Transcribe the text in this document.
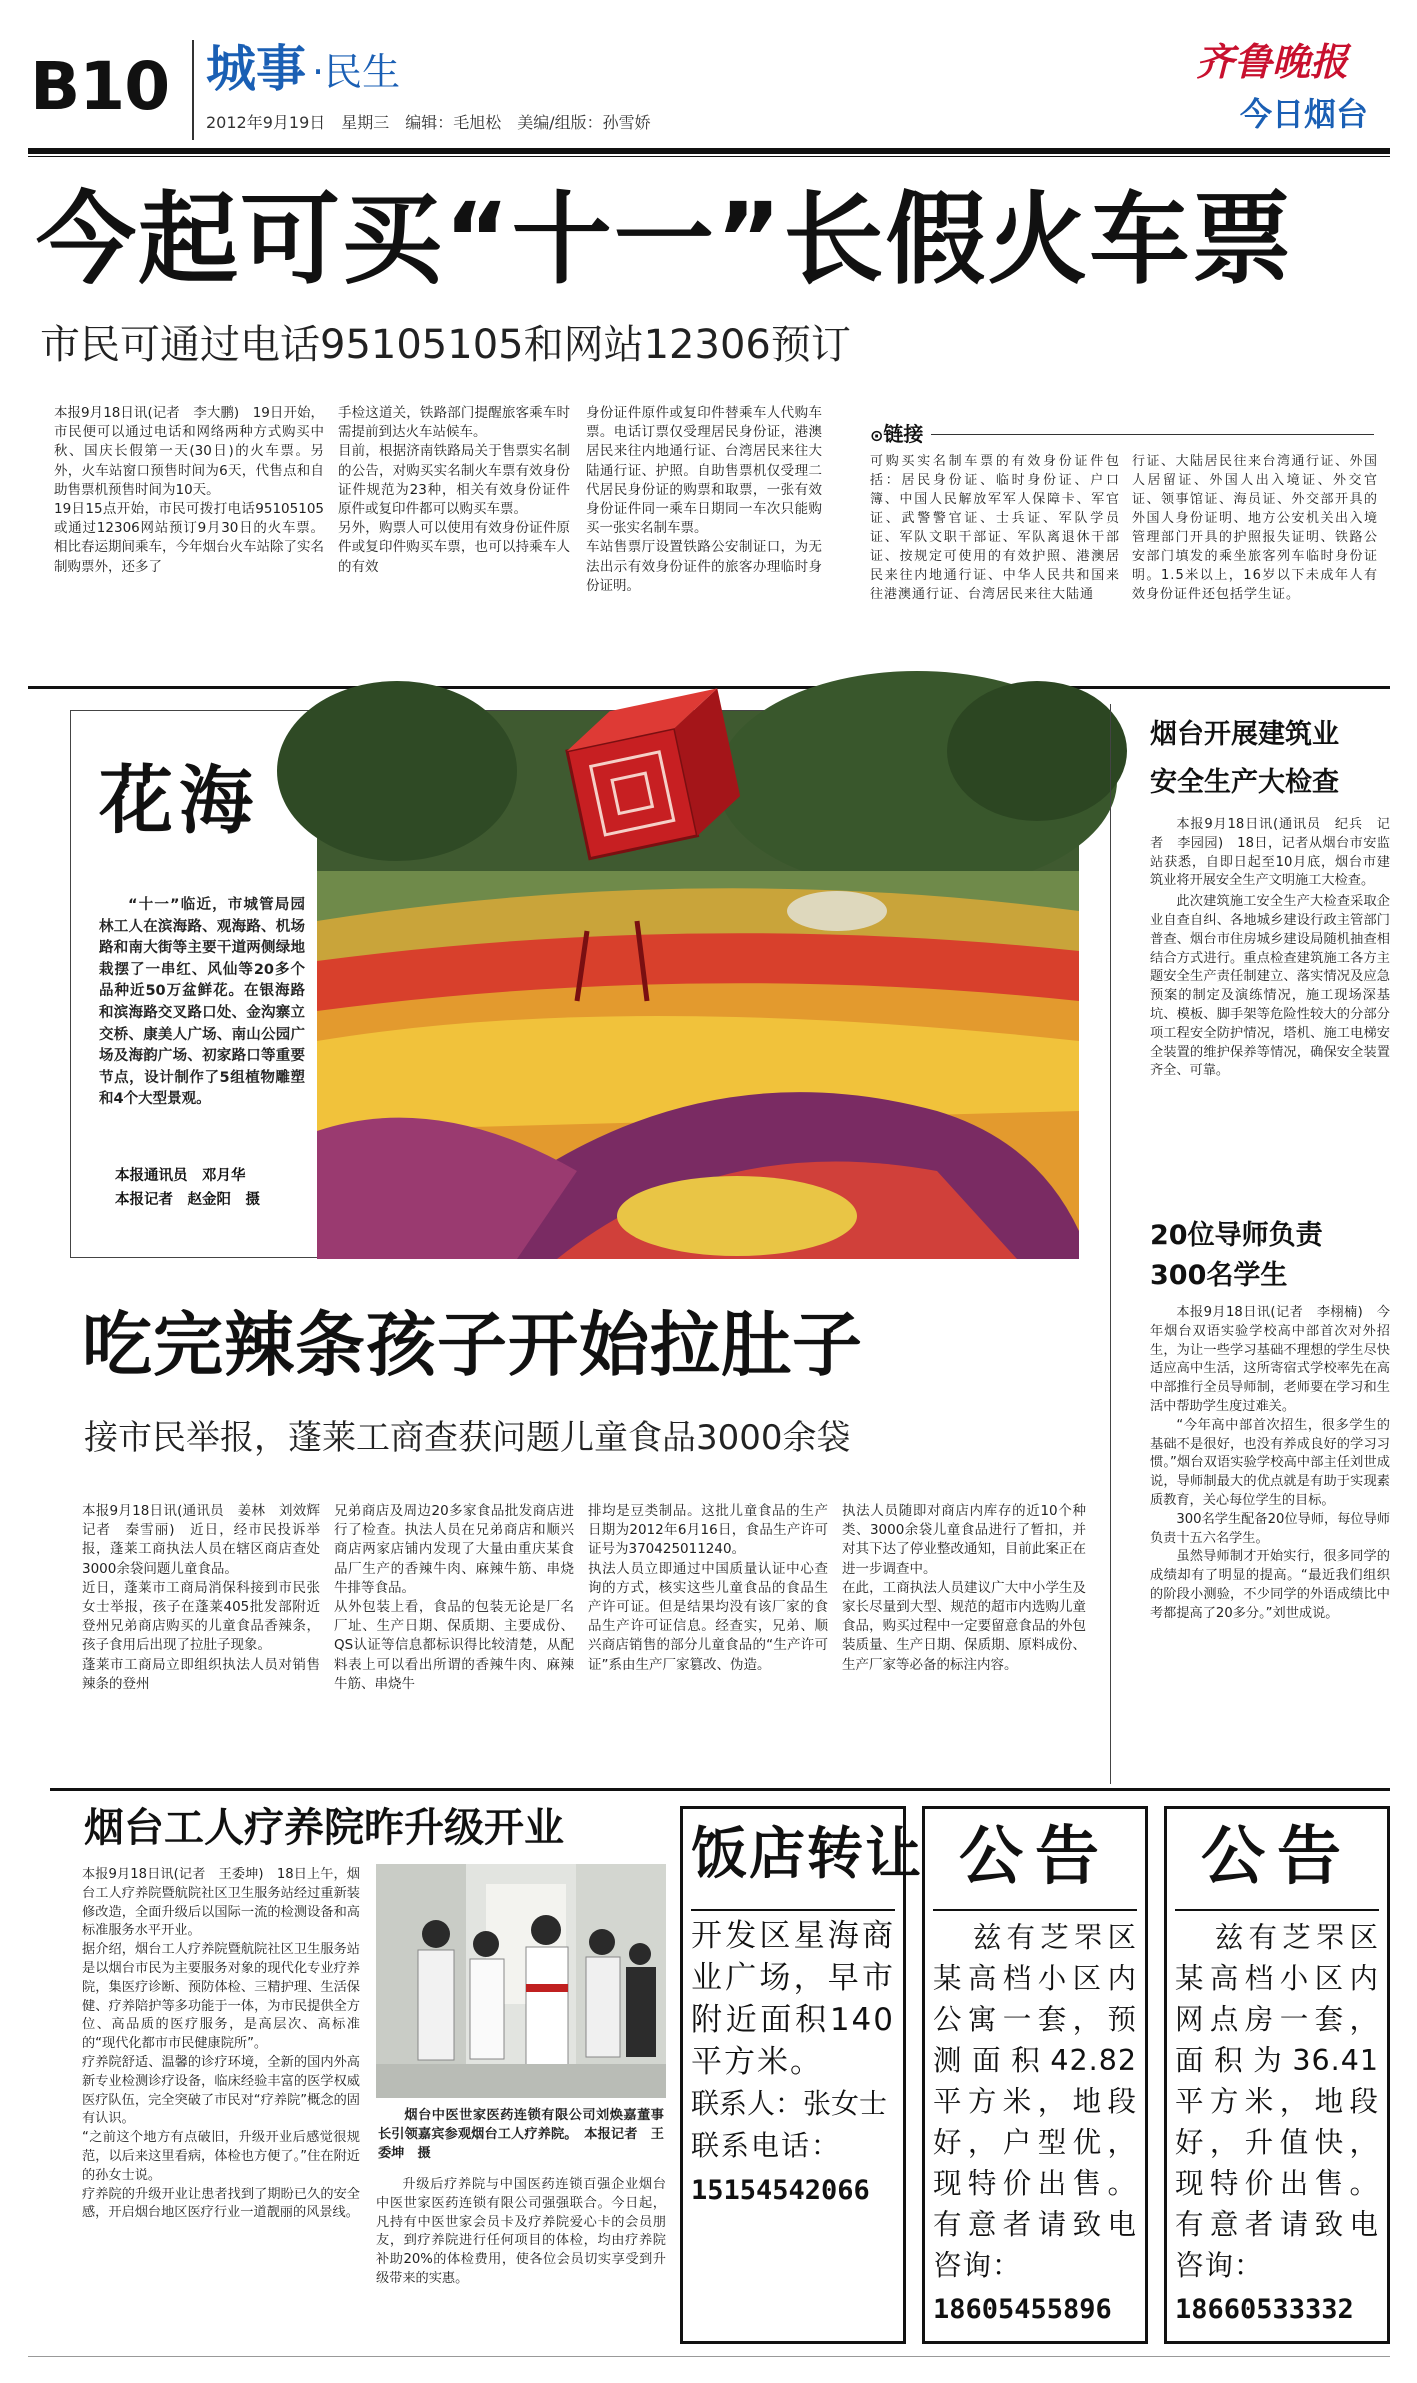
B10 城事 ·民生
2012年9月19日　星期三　编辑：毛旭松　美编/组版：孙雪娇
齐鲁晚报
今日烟台
今起可买“十一”长假火车票
市民可通过电话95105105和网站12306预订
本报9月18日讯(记者　李大鹏)　19日开始，市民便可以通过电话和网络两种方式购买中秋、国庆长假第一天(30日)的火车票。另外，火车站窗口预售时间为6天，代售点和自助售票机预售时间为10天。
19日15点开始，市民可拨打电话95105105或通过12306网站预订9月30日的火车票。相比春运期间乘车，今年烟台火车站除了实名制购票外，还多了
手检这道关，铁路部门提醒旅客乘车时需提前到达火车站候车。
目前，根据济南铁路局关于售票实名制的公告，对购买实名制火车票有效身份证件规范为23种，相关有效身份证件原件或复印件都可以购买车票。
另外，购票人可以使用有效身份证件原件或复印件购买车票，也可以持乘车人的有效
身份证件原件或复印件替乘车人代购车票。电话订票仅受理居民身份证，港澳居民来往内地通行证、台湾居民来往大陆通行证、护照。自助售票机仅受理二代居民身份证的购票和取票，一张有效身份证件同一乘车日期同一车次只能购买一张实名制车票。
车站售票厅设置铁路公安制证口，为无法出示有效身份证件的旅客办理临时身份证明。
⊙链接
可购买实名制车票的有效身份证件包括：居民身份证、临时身份证、户口簿、中国人民解放军军人保障卡、军官证、武警警官证、士兵证、军队学员证、军队文职干部证、军队离退休干部证、按规定可使用的有效护照、港澳居民来往内地通行证、中华人民共和国来往港澳通行证、台湾居民来往大陆通
行证、大陆居民往来台湾通行证、外国人居留证、外国人出入境证、外交官证、领事馆证、海员证、外交部开具的外国人身份证明、地方公安机关出入境管理部门开具的护照报失证明、铁路公安部门填发的乘坐旅客列车临时身份证明。1.5米以上，16岁以下未成年人有效身份证件还包括学生证。
花海
“十一”临近，市城管局园林工人在滨海路、观海路、机场路和南大街等主要干道两侧绿地栽摆了一串红、风仙等20多个品种近50万盆鲜花。在银海路和滨海路交叉路口处、金沟寨立交桥、康美人广场、南山公园广场及海韵广场、初家路口等重要节点，设计制作了5组植物雕塑和4个大型景观。
本报通讯员　邓月华
本报记者　赵金阳　摄
烟台开展建筑业
安全生产大检查
本报9月18日讯(通讯员　纪兵　记者　李园园)　18日，记者从烟台市安监站获悉，自即日起至10月底，烟台市建筑业将开展安全生产文明施工大检查。
此次建筑施工安全生产大检查采取企业自查自纠、各地城乡建设行政主管部门普查、烟台市住房城乡建设局随机抽查相结合方式进行。重点检查建筑施工各方主题安全生产责任制建立、落实情况及应急预案的制定及演练情况，施工现场深基坑、模板、脚手架等危险性较大的分部分项工程安全防护情况，塔机、施工电梯安全装置的维护保养等情况，确保安全装置齐全、可靠。
20位导师负责
300名学生
本报9月18日讯(记者　李栩楠)　今年烟台双语实验学校高中部首次对外招生，为让一些学习基础不理想的学生尽快适应高中生活，这所寄宿式学校率先在高中部推行全员导师制，老师要在学习和生活中帮助学生度过难关。
“今年高中部首次招生，很多学生的基础不是很好，也没有养成良好的学习习惯。”烟台双语实验学校高中部主任刘世成说，导师制最大的优点就是有助于实现素质教育，关心每位学生的目标。
300名学生配备20位导师，每位导师负责十五六名学生。
虽然导师制才开始实行，很多同学的成绩却有了明显的提高。“最近我们组织的阶段小测验，不少同学的外语成绩比中考都提高了20多分。”刘世成说。
吃完辣条孩子开始拉肚子
接市民举报，蓬莱工商查获问题儿童食品3000余袋
本报9月18日讯(通讯员　姜林　刘效辉　记者　秦雪丽)　近日，经市民投诉举报，蓬莱工商执法人员在辖区商店查处3000余袋问题儿童食品。
近日，蓬莱市工商局消保科接到市民张女士举报，孩子在蓬莱405批发部附近登州兄弟商店购买的儿童食品香辣条，孩子食用后出现了拉肚子现象。
蓬莱市工商局立即组织执法人员对销售辣条的登州
兄弟商店及周边20多家食品批发商店进行了检查。执法人员在兄弟商店和顺兴商店两家店铺内发现了大量由重庆某食品厂生产的香辣牛肉、麻辣牛筋、串烧牛排等食品。
从外包装上看，食品的包装无论是厂名厂址、生产日期、保质期、主要成份、QS认证等信息都标识得比较清楚，从配料表上可以看出所谓的香辣牛肉、麻辣牛筋、串烧牛
排均是豆类制品。这批儿童食品的生产日期为2012年6月16日，食品生产许可证号为370425011240。
执法人员立即通过中国质量认证中心查询的方式，核实这些儿童食品的食品生产许可证。但是结果均没有该厂家的食品生产许可证信息。经查实，兄弟、顺兴商店销售的部分儿童食品的“生产许可证”系由生产厂家篡改、伪造。
执法人员随即对商店内库存的近10个种类、3000余袋儿童食品进行了暂扣，并对其下达了停业整改通知，目前此案正在进一步调查中。
在此，工商执法人员建议广大中小学生及家长尽量到大型、规范的超市内选购儿童食品，购买过程中一定要留意食品的外包装质量、生产日期、保质期、原料成份、生产厂家等必备的标注内容。
烟台工人疗养院昨升级开业
本报9月18日讯(记者　王委坤)　18日上午，烟台工人疗养院暨航院社区卫生服务站经过重新装修改造，全面升级后以国际一流的检测设备和高标准服务水平开业。
据介绍，烟台工人疗养院暨航院社区卫生服务站是以烟台市民为主要服务对象的现代化专业疗养院，集医疗诊断、预防体检、三精护理、生活保健、疗养陪护等多功能于一体，为市民提供全方位、高品质的医疗服务，是高层次、高标准的“现代化都市市民健康院所”。
疗养院舒适、温馨的诊疗环境，全新的国内外高新专业检测诊疗设备，临床经验丰富的医学权威医疗队伍，完全突破了市民对“疗养院”概念的固有认识。
“之前这个地方有点破旧，升级开业后感觉很规范，以后来这里看病，体检也方便了。”住在附近的孙女士说。
疗养院的升级开业让患者找到了期盼已久的安全感，开启烟台地区医疗行业一道靓丽的风景线。
烟台中医世家医药连锁有限公司刘焕嘉董事长引领嘉宾参观烟台工人疗养院。　本报记者　王委坤　摄
升级后疗养院与中国医药连锁百强企业烟台中医世家医药连锁有限公司强强联合。今日起，凡持有中医世家会员卡及疗养院爱心卡的会员朋友，到疗养院进行任何项目的体检，均由疗养院补助20%的体检费用，使各位会员切实享受到升级带来的实惠。
饭店转让
开发区星海商业广场，早市附近面积140平方米。
联系人：张女士
联系电话：
15154542066
公告
兹有芝罘区某高档小区内公寓一套，预测面积42.82平方米，地段好，户型优，现特价出售。有意者请致电咨询：
18605455896
公告
兹有芝罘区某高档小区内网点房一套，面积为36.41平方米，地段好，升值快，现特价出售。有意者请致电咨询：
18660533332
